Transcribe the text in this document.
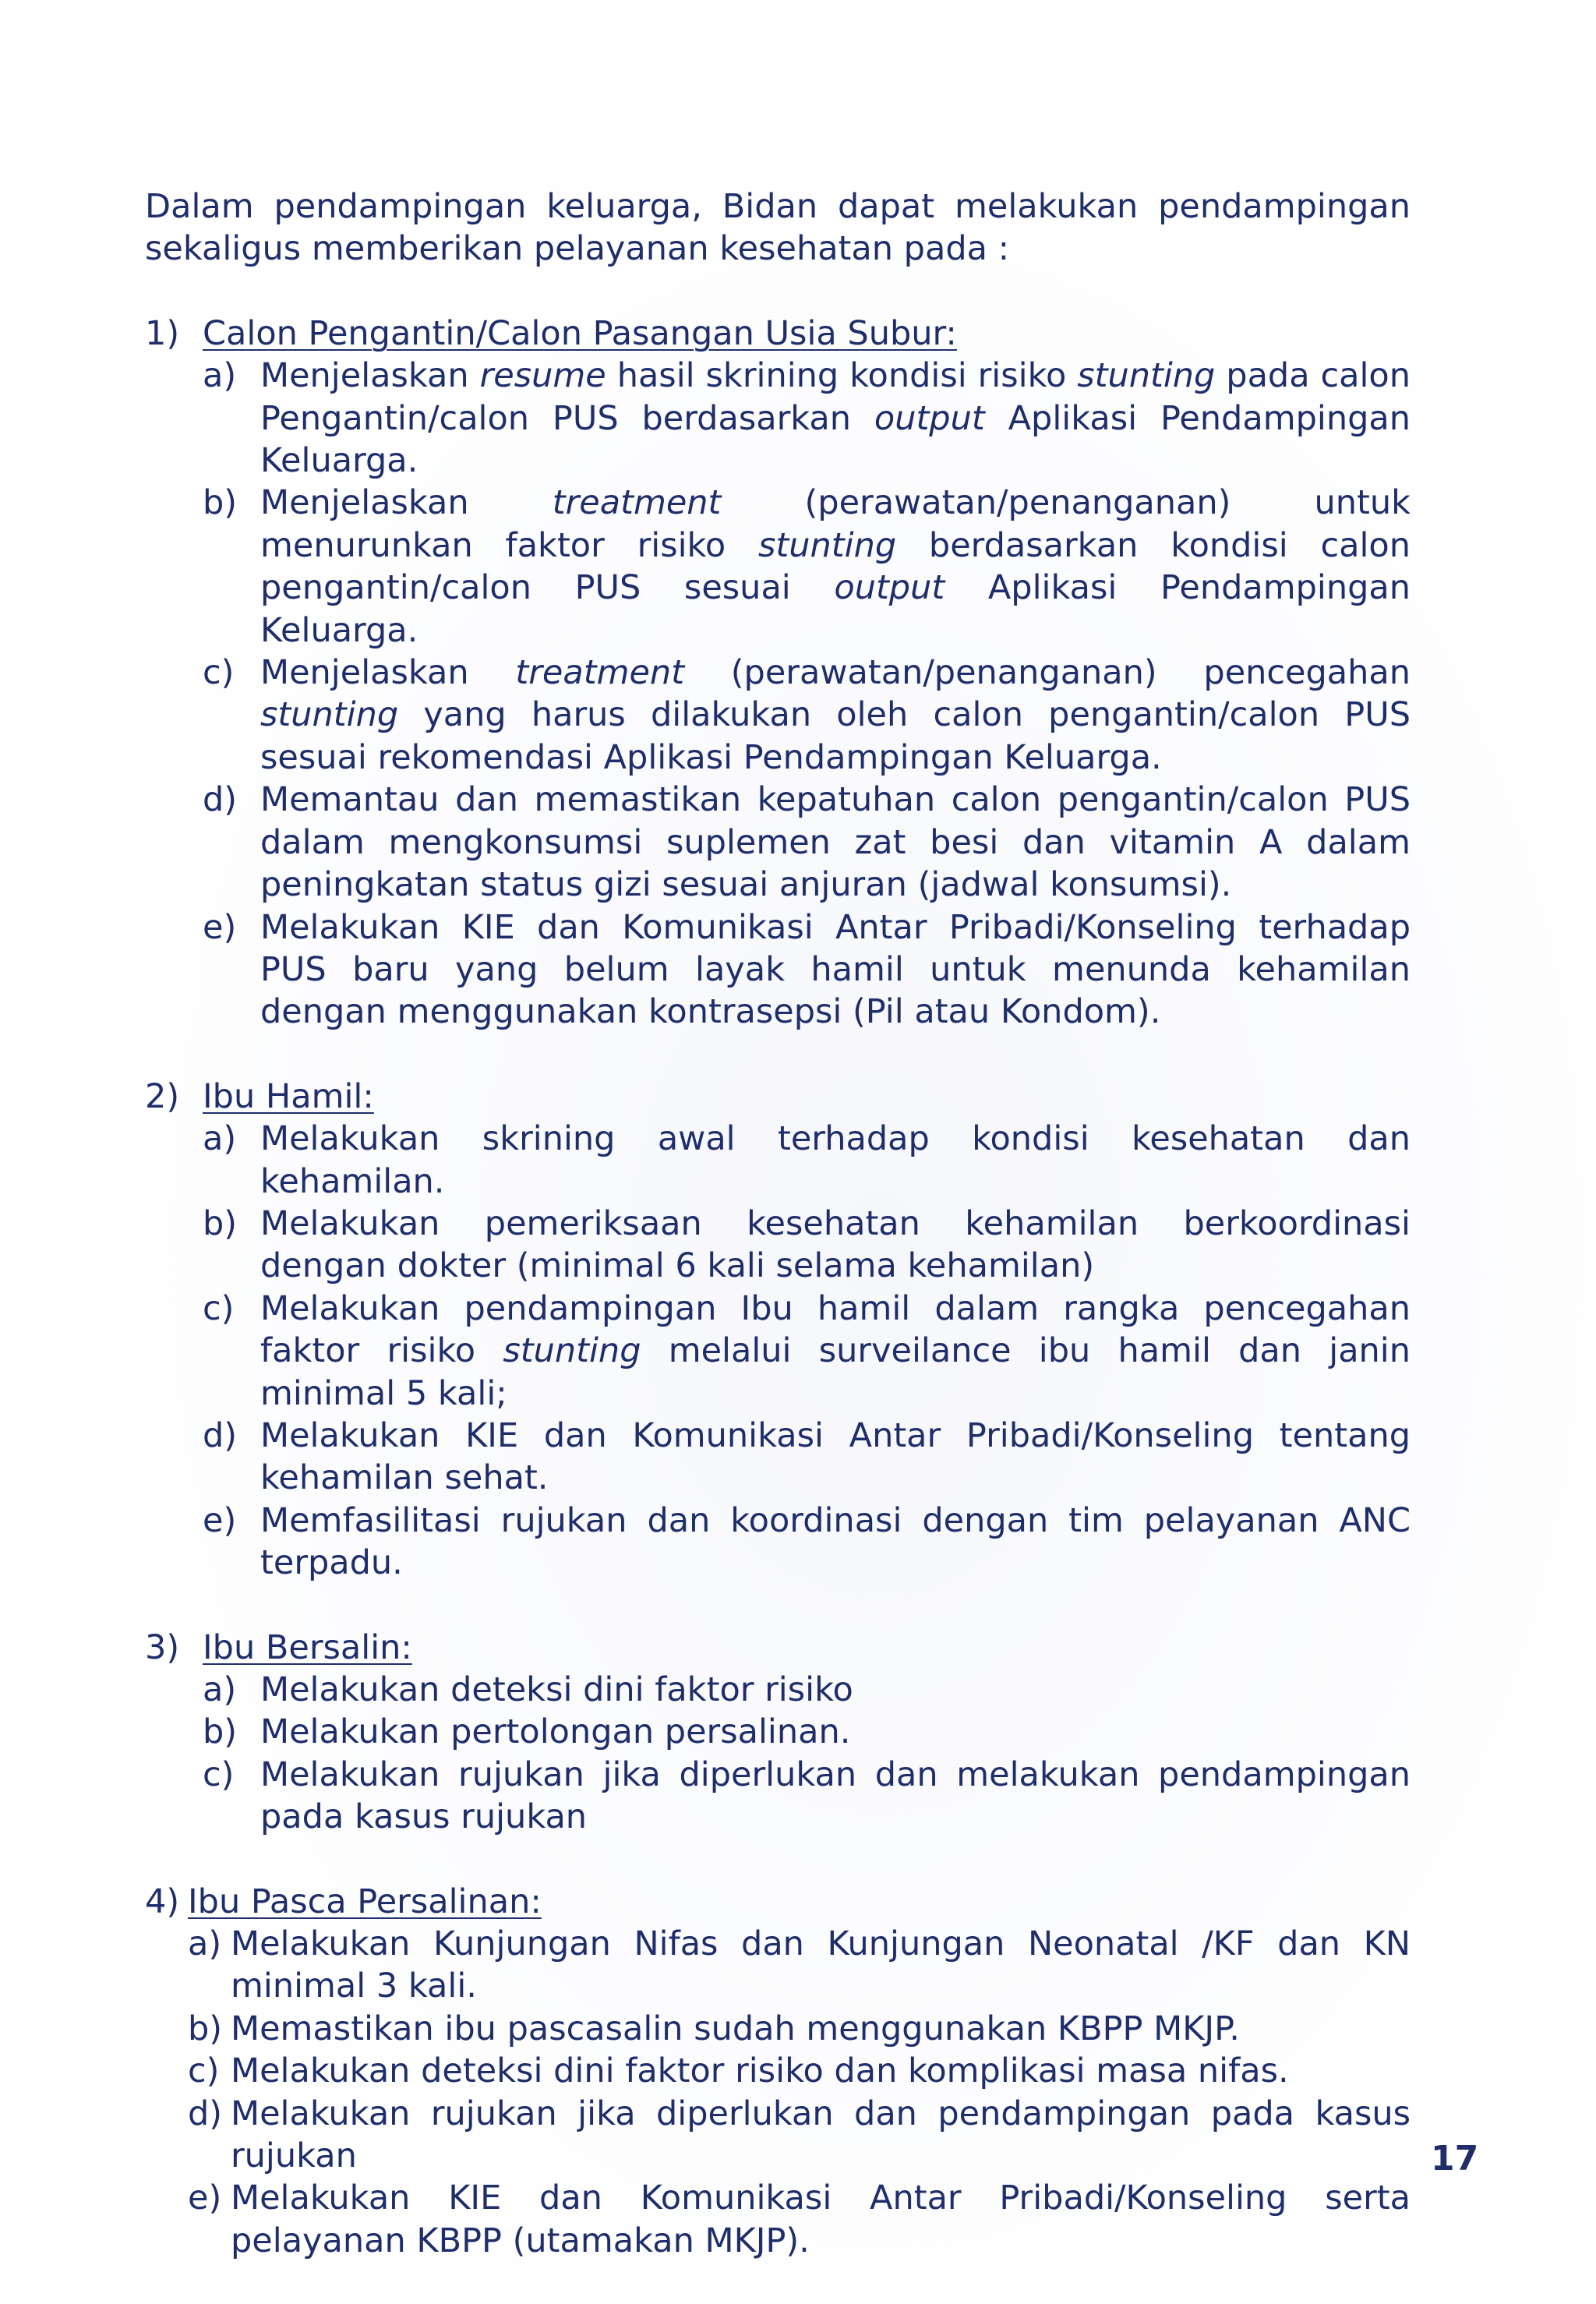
Dalam pendampingan keluarga, Bidan dapat melakukan pendampingan sekaligus memberikan pelayanan kesehatan pada :

1) Calon Pengantin/Calon Pasangan Usia Subur:
a) Menjelaskan resume hasil skrining kondisi risiko stunting pada calon Pengantin/calon PUS berdasarkan output Aplikasi Pendampingan Keluarga.
b) Menjelaskan treatment (perawatan/penanganan) untuk menurunkan faktor risiko stunting berdasarkan kondisi calon pengantin/calon PUS sesuai output Aplikasi Pendampingan Keluarga.
c) Menjelaskan treatment (perawatan/penanganan) pencegahan stunting yang harus dilakukan oleh calon pengantin/calon PUS sesuai rekomendasi Aplikasi Pendampingan Keluarga.
d) Memantau dan memastikan kepatuhan calon pengantin/calon PUS dalam mengkonsumsi suplemen zat besi dan vitamin A dalam peningkatan status gizi sesuai anjuran (jadwal konsumsi).
e) Melakukan KIE dan Komunikasi Antar Pribadi/Konseling terhadap PUS baru yang belum layak hamil untuk menunda kehamilan dengan menggunakan kontrasepsi (Pil atau Kondom).
2) Ibu Hamil:
a) Melakukan skrining awal terhadap kondisi kesehatan dan kehamilan.
b) Melakukan pemeriksaan kesehatan kehamilan berkoordinasi dengan dokter (minimal 6 kali selama kehamilan)
c) Melakukan pendampingan Ibu hamil dalam rangka pencegahan faktor risiko stunting melalui surveilance ibu hamil dan janin minimal 5 kali;
d) Melakukan KIE dan Komunikasi Antar Pribadi/Konseling tentang kehamilan sehat.
e) Memfasilitasi rujukan dan koordinasi dengan tim pelayanan ANC terpadu.
3) Ibu Bersalin:
a) Melakukan deteksi dini faktor risiko
b) Melakukan pertolongan persalinan.
c) Melakukan rujukan jika diperlukan dan melakukan pendampingan pada kasus rujukan
4) Ibu Pasca Persalinan:
a) Melakukan Kunjungan Nifas dan Kunjungan Neonatal /KF dan KN minimal 3 kali.
b) Memastikan ibu pascasalin sudah menggunakan KBPP MKJP.
c) Melakukan deteksi dini faktor risiko dan komplikasi masa nifas.
d) Melakukan rujukan jika diperlukan dan pendampingan pada kasus rujukan
e) Melakukan KIE dan Komunikasi Antar Pribadi/Konseling serta pelayanan KBPP (utamakan MKJP).
17
